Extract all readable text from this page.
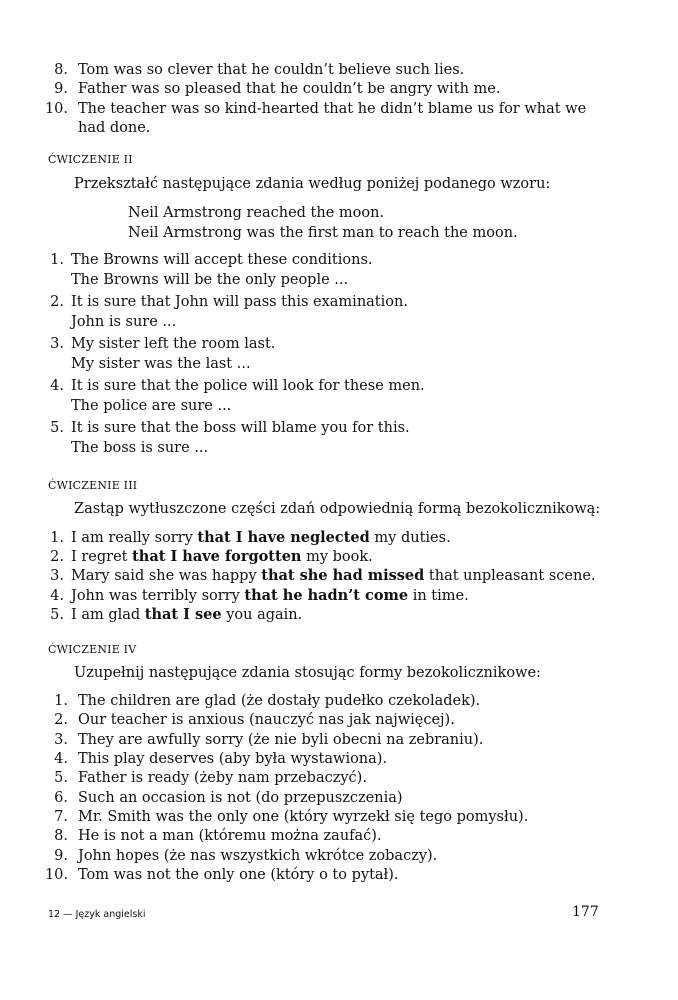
8. Tom was so clever that he couldn’t believe such lies.
9. Father was so pleased that he couldn’t be angry with me.
10. The teacher was so kind-hearted that he didn’t blame us for what we
had done.
ĆWICZENIE II
Przekształć następujące zdania według poniżej podanego wzoru:
Neil Armstrong reached the moon.
Neil Armstrong was the first man to reach the moon.
1. The Browns will accept these conditions.
The Browns will be the only people ...
2. It is sure that John will pass this examination.
John is sure ...
3. My sister left the room last.
My sister was the last ...
4. It is sure that the police will look for these men.
The police are sure ...
5. It is sure that the boss will blame you for this.
The boss is sure ...
ĆWICZENIE III
Zastąp wytłuszczone części zdań odpowiednią formą bezokolicznikową:
1. I am really sorry that I have neglected my duties.
2. I regret that I have forgotten my book.
3. Mary said she was happy that she had missed that unpleasant scene.
4. John was terribly sorry that he hadn’t come in time.
5. I am glad that I see you again.
ĆWICZENIE IV
Uzupełnij następujące zdania stosując formy bezokolicznikowe:
1. The children are glad (że dostały pudełko czekoladek).
2. Our teacher is anxious (nauczyć nas jak najwięcej).
3. They are awfully sorry (że nie byli obecni na zebraniu).
4. This play deserves (aby była wystawiona).
5. Father is ready (żeby nam przebaczyć).
6. Such an occasion is not (do przepuszczenia)
7. Mr. Smith was the only one (który wyrzekł się tego pomysłu).
8. He is not a man (któremu można zaufać).
9. John hopes (że nas wszystkich wkrótce zobaczy).
10. Tom was not the only one (który o to pytał).
12 — Język angielski	177
